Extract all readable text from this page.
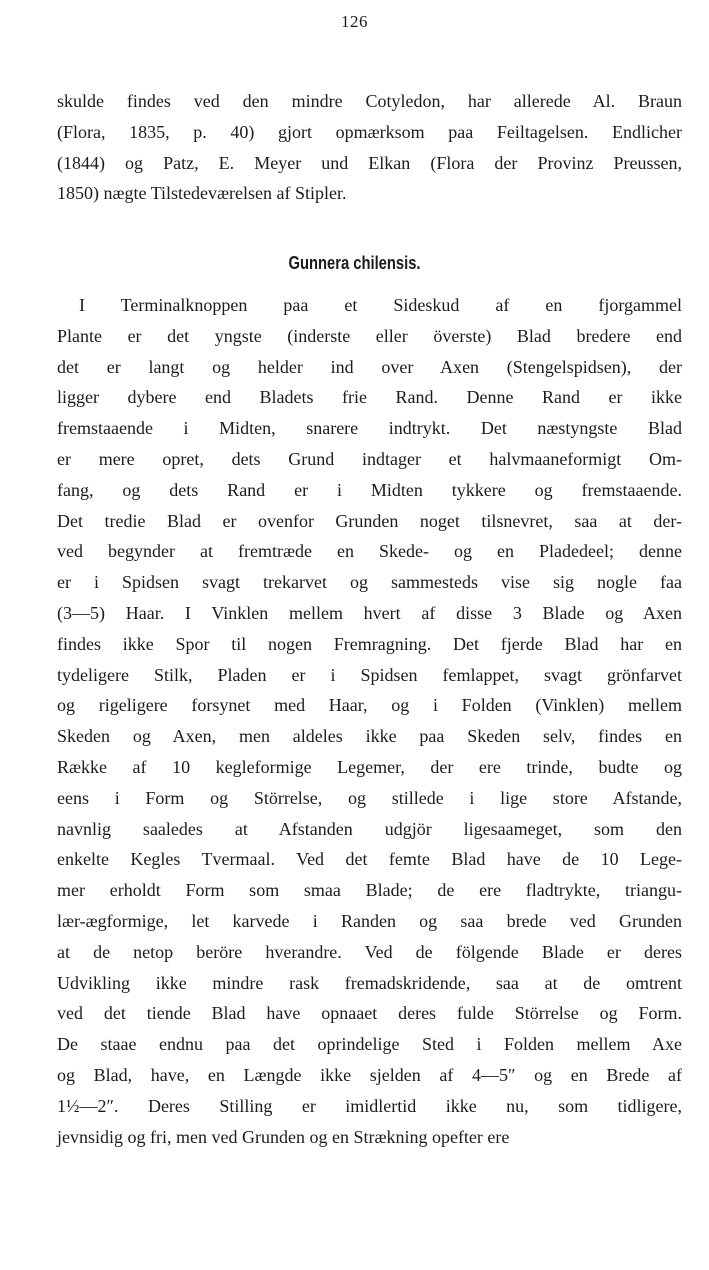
126
skulde findes ved den mindre Cotyledon, har allerede Al. Braun
(Flora, 1835, p. 40) gjort opmærksom paa Feiltagelsen. Endlicher
(1844) og Patz, E. Meyer und Elkan (Flora der Provinz Preussen,
1850) nægte Tilstedeværelsen af Stipler.
Gunnera chilensis.
I Terminalknoppen paa et Sideskud af en fjorgammel
Plante er det yngste (inderste eller överste) Blad bredere end
det er langt og helder ind over Axen (Stengelspidsen), der
ligger dybere end Bladets frie Rand. Denne Rand er ikke
fremstaaende i Midten, snarere indtrykt. Det næstyngste Blad
er mere opret, dets Grund indtager et halvmaaneformigt Om-
fang, og dets Rand er i Midten tykkere og fremstaaende.
Det tredie Blad er ovenfor Grunden noget tilsnevret, saa at der-
ved begynder at fremtræde en Skede- og en Pladedeel; denne
er i Spidsen svagt trekarvet og sammesteds vise sig nogle faa
(3—5) Haar. I Vinklen mellem hvert af disse 3 Blade og Axen
findes ikke Spor til nogen Fremragning. Det fjerde Blad har en
tydeligere Stilk, Pladen er i Spidsen femlappet, svagt grönfarvet
og rigeligere forsynet med Haar, og i Folden (Vinklen) mellem
Skeden og Axen, men aldeles ikke paa Skeden selv, findes en
Række af 10 kegleformige Legemer, der ere trinde, budte og
eens i Form og Störrelse, og stillede i lige store Afstande,
navnlig saaledes at Afstanden udgjör ligesaameget, som den
enkelte Kegles Tvermaal. Ved det femte Blad have de 10 Lege-
mer erholdt Form som smaa Blade; de ere fladtrykte, triangu-
lær-ægformige, let karvede i Randen og saa brede ved Grunden
at de netop beröre hverandre. Ved de fölgende Blade er deres
Udvikling ikke mindre rask fremadskridende, saa at de omtrent
ved det tiende Blad have opnaaet deres fulde Störrelse og Form.
De staae endnu paa det oprindelige Sted i Folden mellem Axe
og Blad, have, en Længde ikke sjelden af 4—5″ og en Brede af
1½—2″. Deres Stilling er imidlertid ikke nu, som tidligere,
jevnsidig og fri, men ved Grunden og en Strækning opefter ere
